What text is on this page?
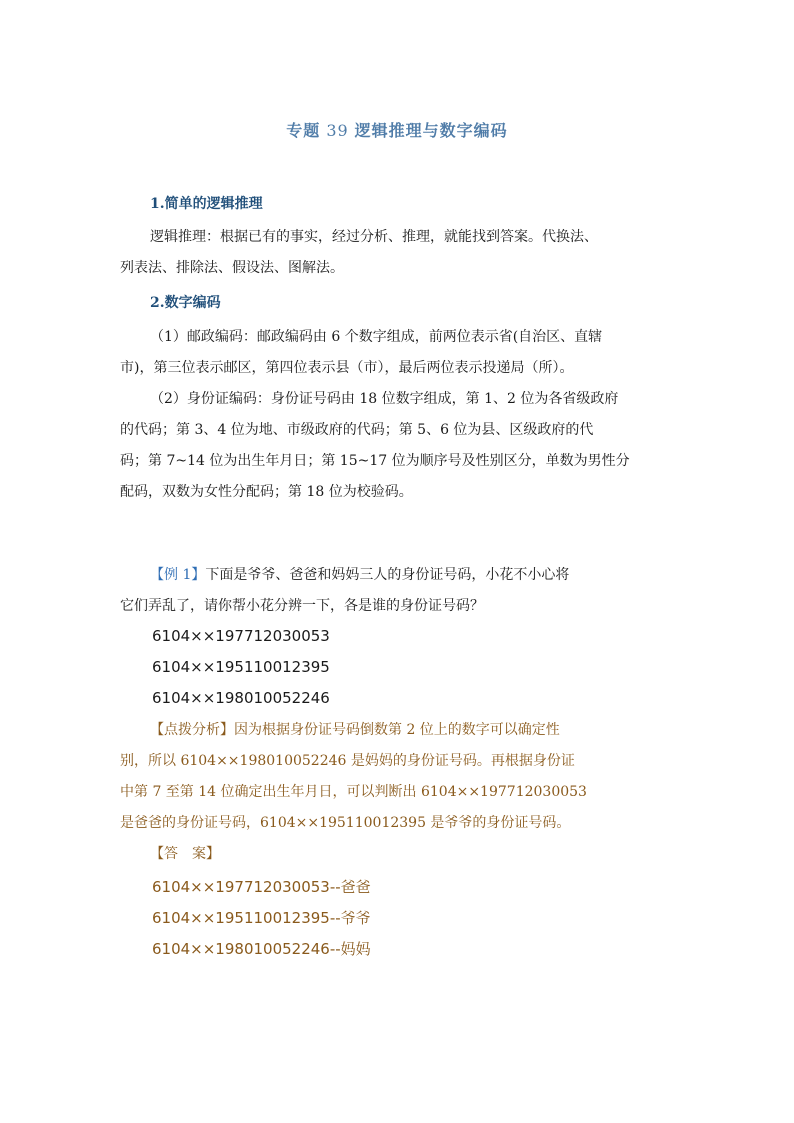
专题 39 逻辑推理与数字编码
1.简单的逻辑推理
逻辑推理：根据已有的事实，经过分析、推理，就能找到答案。代换法、
列表法、排除法、假设法、图解法。
2.数字编码
（1）邮政编码：邮政编码由 6 个数字组成，前两位表示省(自治区、直辖
市)，第三位表示邮区，第四位表示县（市），最后两位表示投递局（所）。
（2）身份证编码：身份证号码由 18 位数字组成，第 1、2 位为各省级政府
的代码；第 3、4 位为地、市级政府的代码；第 5、6 位为县、区级政府的代
码；第 7~14 位为出生年月日；第 15~17 位为顺序号及性别区分，单数为男性分
配码，双数为女性分配码；第 18 位为校验码。
【例 1】下面是爷爷、爸爸和妈妈三人的身份证号码，小花不小心将
它们弄乱了，请你帮小花分辨一下，各是谁的身份证号码？
6104××197712030053
6104××195110012395
6104××198010052246
【点拨分析】因为根据身份证号码倒数第 2 位上的数字可以确定性
别，所以 6104××198010052246 是妈妈的身份证号码。再根据身份证
中第 7 至第 14 位确定出生年月日，可以判断出 6104××197712030053
是爸爸的身份证号码，6104××195110012395 是爷爷的身份证号码。
【答　案】
6104××197712030053--爸爸
6104××195110012395--爷爷
6104××198010052246--妈妈
